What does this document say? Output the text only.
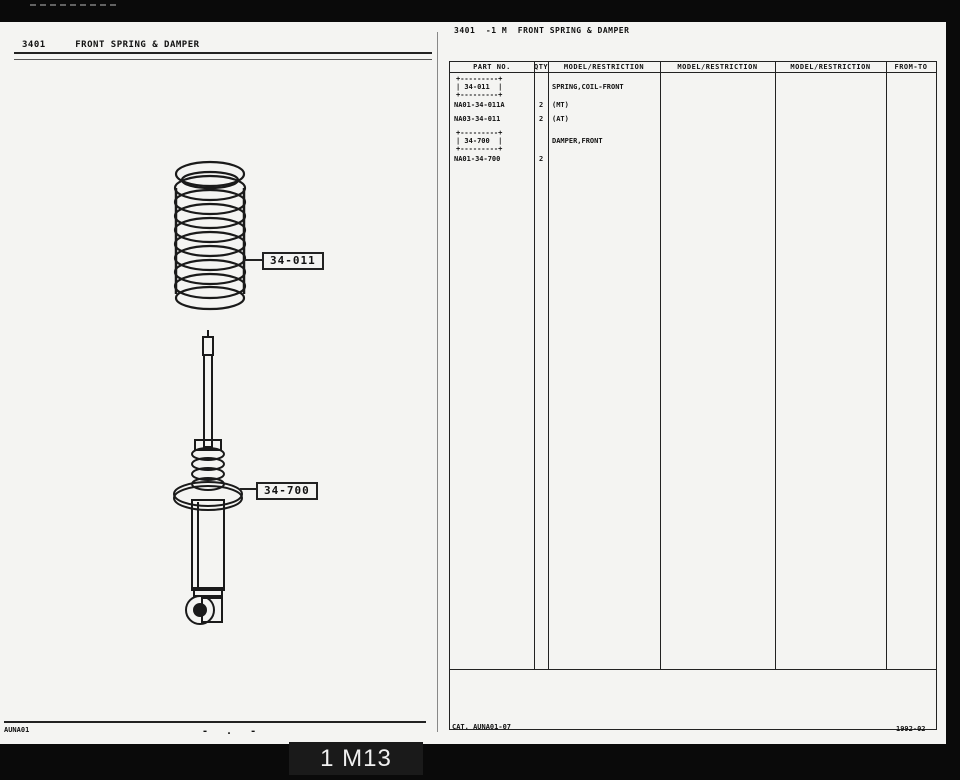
3401     FRONT SPRING & DAMPER
34-011
34-700
AUNA01	- . -
3401  -1 M  FRONT SPRING & DAMPER
PART NO.	QTY	MODEL/RESTRICTION	MODEL/RESTRICTION	MODEL/RESTRICTION	FROM-TO
+---------+
| 34-011  |	SPRING,COIL-FRONT
+---------+
NA01-34-011A	2 (MT)
NA03-34-011	2 (AT)
+---------+
| 34-700  |	DAMPER,FRONT
+---------+
NA01-34-700	2
CAT. AUNA01-07	1992-02
1 M13
